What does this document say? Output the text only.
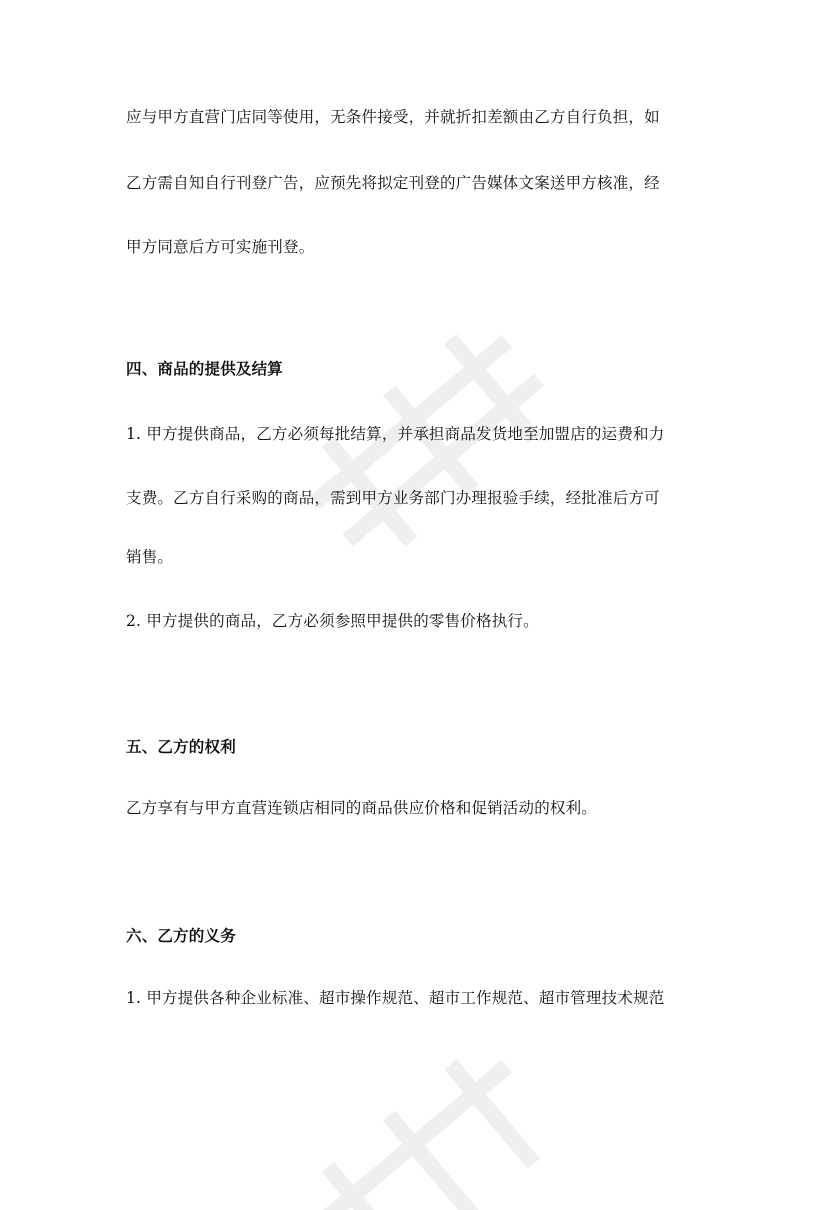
应与甲方直营门店同等使用，无条件接受，并就折扣差额由乙方自行负担，如
乙方需自知自行刊登广告，应预先将拟定刊登的广告媒体文案送甲方核准，经
甲方同意后方可实施刊登。
四、商品的提供及结算
1. 甲方提供商品，乙方必须每批结算，并承担商品发货地至加盟店的运费和力
支费。乙方自行采购的商品，需到甲方业务部门办理报验手续，经批准后方可
销售。
2. 甲方提供的商品，乙方必须参照甲提供的零售价格执行。
五、乙方的权利
乙方享有与甲方直营连锁店相同的商品供应价格和促销活动的权利。
六、乙方的义务
1. 甲方提供各种企业标准、超市操作规范、超市工作规范、超市管理技术规范
